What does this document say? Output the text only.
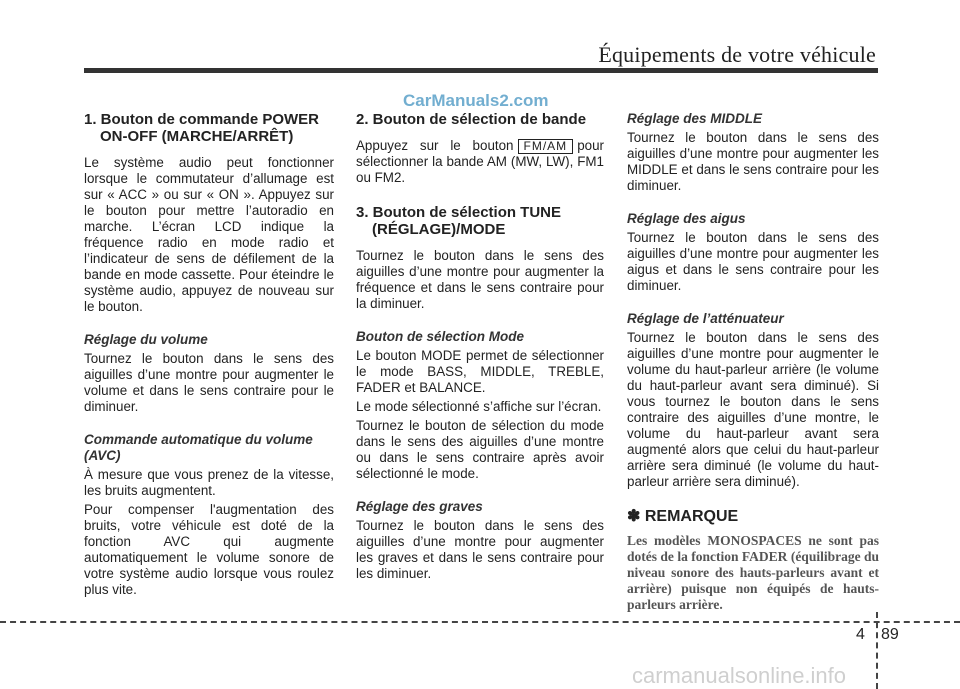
Équipements de votre véhicule
CarManuals2.com
1. Bouton de commande POWER
ON-OFF (MARCHE/ARRÊT)

Le système audio peut fonctionner lorsque le commutateur d’allumage est sur « ACC » ou sur « ON ». Appuyez sur le bouton pour mettre l’autoradio en marche. L’écran LCD indique la fréquence radio en mode radio et l’indicateur de sens de défilement de la bande en mode cassette. Pour éteindre le système audio, appuyez de nouveau sur le bouton.

Réglage du volume

Tournez le bouton dans le sens des aiguilles d’une montre pour augmenter le volume et dans le sens contraire pour le diminuer.

Commande automatique du volume (AVC)

À mesure que vous prenez de la vitesse, les bruits augmentent.

Pour compenser l'augmentation des bruits, votre véhicule est doté de la fonction AVC qui augmente automatiquement le volume sonore de votre système audio lorsque vous roulez plus vite.

2. Bouton de sélection de bande

Appuyez sur le bouton FM/AM pour sélectionner la bande AM (MW, LW), FM1 ou FM2.

3. Bouton de sélection TUNE
(RÉGLAGE)/MODE

Tournez le bouton dans le sens des aiguilles d’une montre pour augmenter la fréquence et dans le sens contraire pour la diminuer.

Bouton de sélection Mode

Le bouton MODE permet de sélectionner le mode BASS, MIDDLE, TREBLE, FADER et BALANCE.

Le mode sélectionné s’affiche sur l’écran.

Tournez le bouton de sélection du mode dans le sens des aiguilles d’une montre ou dans le sens contraire après avoir sélectionné le mode.

Réglage des graves

Tournez le bouton dans le sens des aiguilles d’une montre pour augmenter les graves et dans le sens contraire pour les diminuer.

Réglage des MIDDLE

Tournez le bouton dans le sens des aiguilles d’une montre pour augmenter les MIDDLE et dans le sens contraire pour les diminuer.

Réglage des aigus

Tournez le bouton dans le sens des aiguilles d’une montre pour augmenter les aigus et dans le sens contraire pour les diminuer.

Réglage de l’atténuateur

Tournez le bouton dans le sens des aiguilles d’une montre pour augmenter le volume du haut-parleur arrière (le volume du haut-parleur avant sera diminué). Si vous tournez le bouton dans le sens contraire des aiguilles d’une montre, le volume du haut-parleur avant sera augmenté alors que celui du haut-parleur arrière sera diminué (le volume du haut-parleur arrière sera diminué).

✽ REMARQUE
Les modèles MONOSPACES ne sont pas dotés de la fonction FADER (équilibrage du niveau sonore des hauts-parleurs avant et arrière) puisque non équipés de hauts-parleurs arrière.
4 89
carmanualsonline.info
